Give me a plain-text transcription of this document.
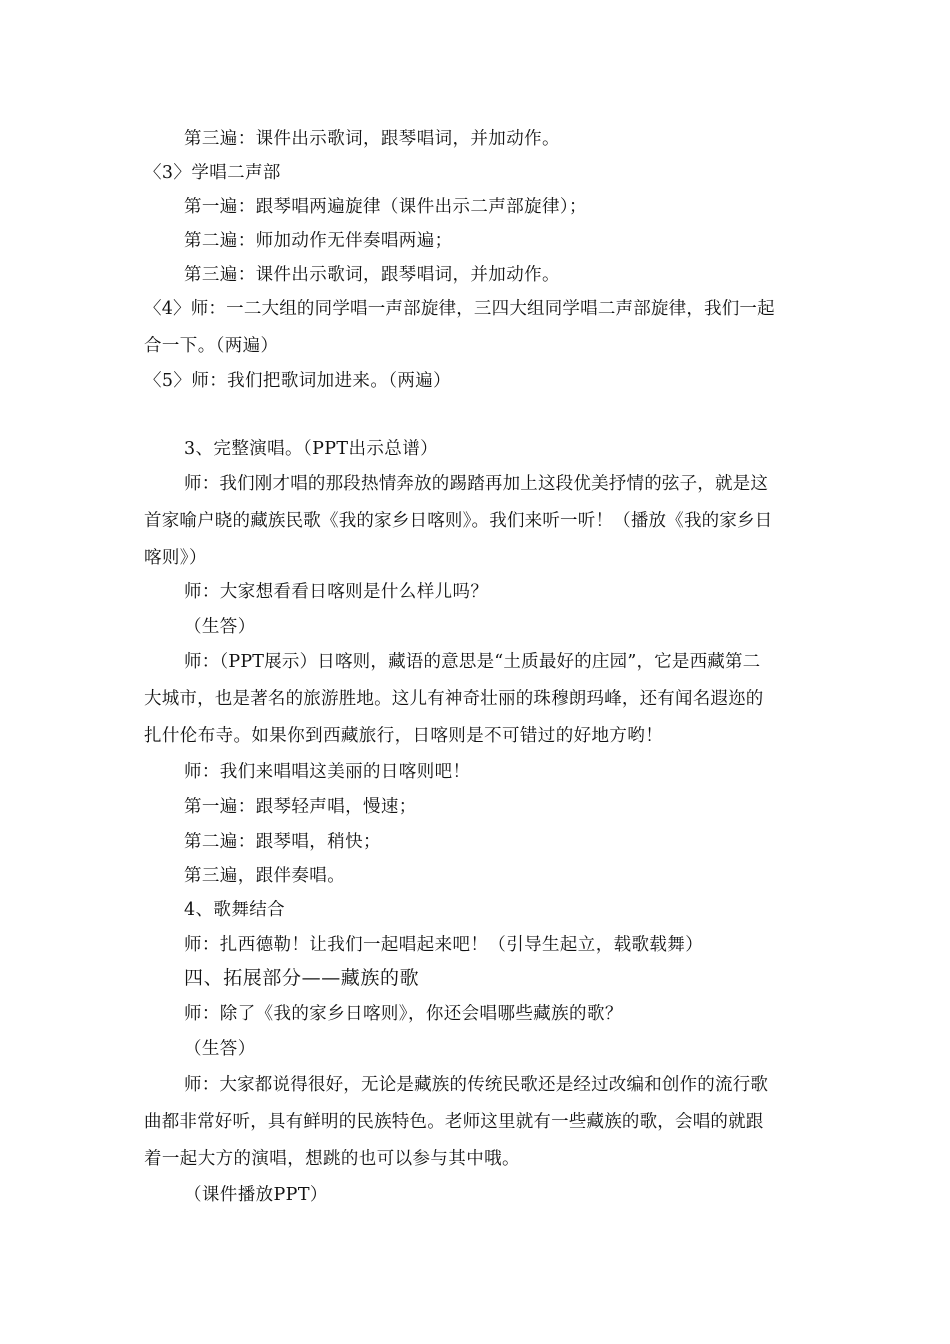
第三遍：课件出示歌词，跟琴唱词，并加动作。
〈3〉学唱二声部
第一遍：跟琴唱两遍旋律（课件出示二声部旋律）；
第二遍：师加动作无伴奏唱两遍；
第三遍：课件出示歌词，跟琴唱词，并加动作。
〈4〉师：一二大组的同学唱一声部旋律，三四大组同学唱二声部旋律，我们一起
合一下。（两遍）
〈5〉师：我们把歌词加进来。（两遍）
3、完整演唱。（PPT出示总谱）
师：我们刚才唱的那段热情奔放的踢踏再加上这段优美抒情的弦子，就是这
首家喻户晓的藏族民歌《我的家乡日喀则》。我们来听一听！（播放《我的家乡日
喀则》）
师：大家想看看日喀则是什么样儿吗？
（生答）
师：（PPT展示）日喀则，藏语的意思是“土质最好的庄园”，它是西藏第二
大城市，也是著名的旅游胜地。这儿有神奇壮丽的珠穆朗玛峰，还有闻名遐迩的
扎什伦布寺。如果你到西藏旅行，日喀则是不可错过的好地方哟！
师：我们来唱唱这美丽的日喀则吧！
第一遍：跟琴轻声唱，慢速；
第二遍：跟琴唱，稍快；
第三遍，跟伴奏唱。
4、歌舞结合
师：扎西德勒！让我们一起唱起来吧！（引导生起立，载歌载舞）
四、拓展部分——藏族的歌
师：除了《我的家乡日喀则》，你还会唱哪些藏族的歌？
（生答）
师：大家都说得很好，无论是藏族的传统民歌还是经过改编和创作的流行歌
曲都非常好听，具有鲜明的民族特色。老师这里就有一些藏族的歌，会唱的就跟
着一起大方的演唱，想跳的也可以参与其中哦。
（课件播放PPT）
